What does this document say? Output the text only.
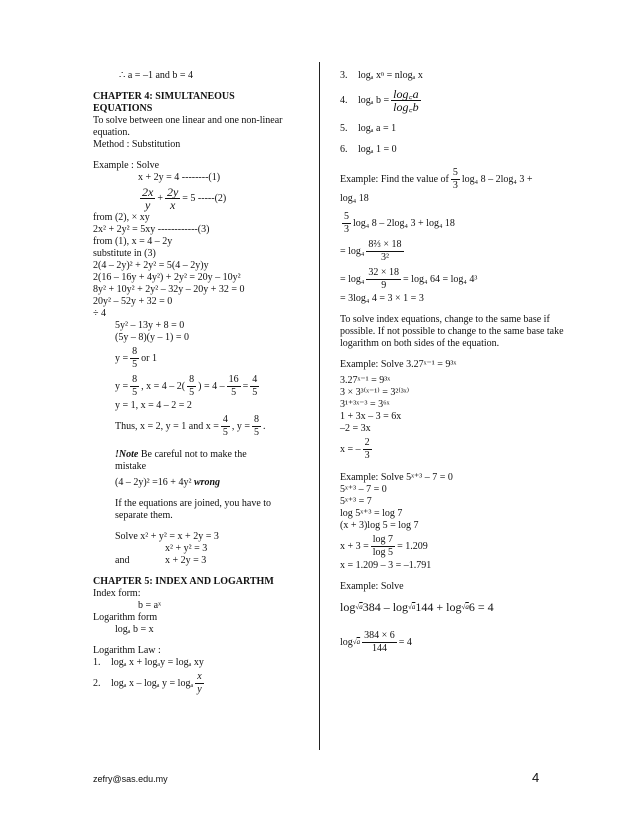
∴ a = –1 and b = 4
CHAPTER 4: SIMULTANEOUS
EQUATIONS
To solve between one linear and one non-linear equation.
Method : Substitution
Example : Solve
x + 2y = 4 --------(1)
$\frac{2x}{y} + \frac{2y}{x} = 5$ -----(2)
from (2), × xy
2x² + 2y² = 5xy ------------(3)
from (1), x = 4 – 2y
substitute in (3)
2(4 – 2y)² + 2y² = 5(4 – 2y)y
2(16 – 16y + 4y²) + 2y² = 20y – 10y²
8y² + 10y² + 2y² – 32y – 20y + 32 = 0
20y² – 52y + 32 = 0
÷ 4
5y² – 13y + 8 = 0
(5y – 8)(y – 1) = 0
$y = \frac{8}{5}$ or 1
$y = \frac{8}{5}$ , $x = 4 - 2( \frac{8}{5}$ ) = $4 - \frac{16}{5} = \frac{4}{5}$
y = 1, x = 4 – 2 = 2
Thus, x = 2, y = 1 and $x = \frac{4}{5}$ , $y = \frac{8}{5}$ .
!Note Be careful not to make the
mistake
(4 – 2y)² =16 + 4y² wrong
If the equations are joined, you have to
separate them.
Solve x² + y² = x + 2y = 3
x² + y² = 3
and	x + 2y = 3
CHAPTER 5: INDEX AND LOGARTHM
Index form:
b = aˣ
Logarithm form
logₐ b = x
Logarithm Law :
1. logₐ x + logₐy = logₐ xy
2.	logₐ x – logₐ y = logₐ $\frac{x}{y}$
3. logₐ xⁿ = nlogₐ x
4.	logₐ $b = \frac{\log꜀a}{\log꜀b}$
5. logₐ a = 1
6. logₐ 1 = 0
Example: Find the value of $\frac{5}{3} \log_4$ 8 – 2log₄ 3 +
log₄ 18
$\frac{5}{3} \log_4$ 8 – 2log₄ 3 + log₄ 18
= $\log_4 \frac{\text{8⅔ × 18}}{\text{3²}}$
= $\log_4 \frac{32 \times 18}{9} = \log_4$ 64 = log₄ 4³
= 3log₄ 4 = 3 × 1 = 3
To solve index equations, change to the same base if possible. If not possible to change to the same base take logarithm on both sides of the equation.
Example: Solve 3.27ˣ⁻¹ = 9³ˣ
3.27ˣ⁻¹ = 9³ˣ
3 × 3³⁽ˣ⁻¹⁾ = 3²⁽³ˣ⁾
3¹⁺³ˣ⁻³ = 3⁶ˣ
1 + 3x – 3 = 6x
–2 = 3x
x = – $\frac{2}{3}$
Example: Solve 5ˣ⁺³ – 7 = 0
5ˣ⁺³ – 7 = 0
5ˣ⁺³ = 7
log 5ˣ⁺³ = log 7
(x + 3)log 5 = log 7
$x + 3 = \frac{\log 7}{\log 5} = 1.209$
x = 1.209 – 3 = –1.791
Example: Solve
log √a 384 – log √a 144 + log √a 6 = 4
$\log √a \frac{384 \times 6}{144} = 4$
zefry@sas.edu.my	4
